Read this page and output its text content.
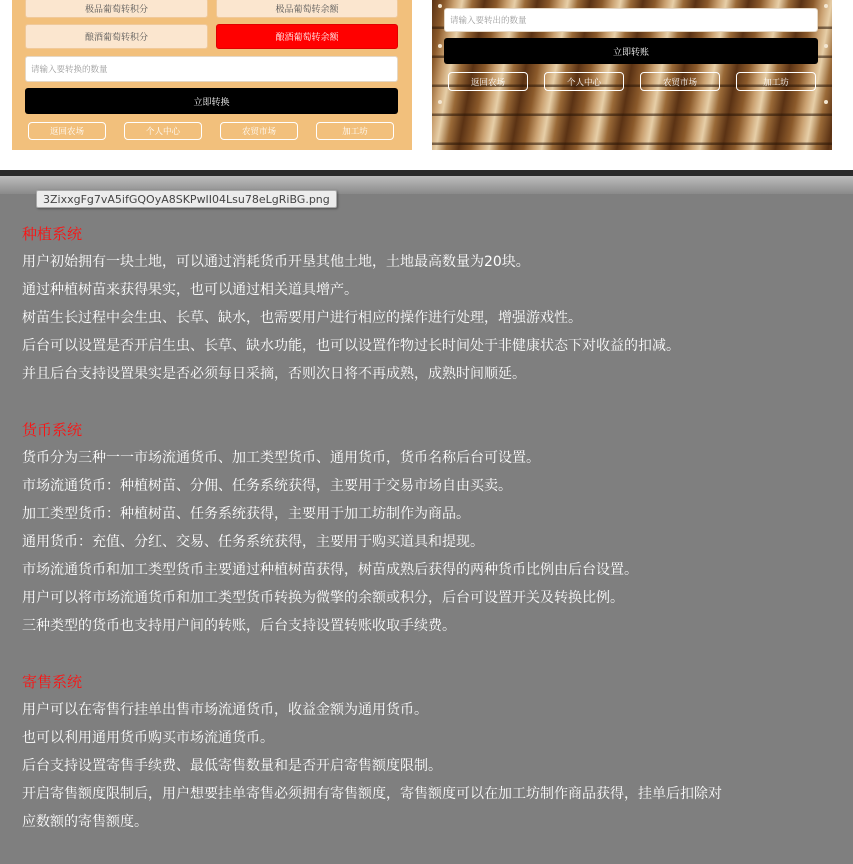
极品葡萄转积分	极品葡萄转余额
酿酒葡萄转积分	酿酒葡萄转余额
请输入要转换的数量
立即转换
返回农场	个人中心	农贸市场	加工坊
请输入要转出的数量
立即转账
返回农场	个人中心	农贸市场	加工坊
3ZixxgFg7vA5ifGQOyA8SKPwII04Lsu78eLgRiBG.png
种植系统

用户初始拥有一块土地，可以通过消耗货币开垦其他土地，土地最高数量为20块。

通过种植树苗来获得果实，也可以通过相关道具增产。

树苗生长过程中会生虫、长草、缺水，也需要用户进行相应的操作进行处理，增强游戏性。

后台可以设置是否开启生虫、长草、缺水功能，也可以设置作物过长时间处于非健康状态下对收益的扣减。

并且后台支持设置果实是否必须每日采摘，否则次日将不再成熟，成熟时间顺延。

货币系统

货币分为三种一一市场流通货币、加工类型货币、通用货币，货币名称后台可设置。

市场流通货币：种植树苗、分佣、任务系统获得，主要用于交易市场自由买卖。

加工类型货币：种植树苗、任务系统获得，主要用于加工坊制作为商品。

通用货币：充值、分红、交易、任务系统获得，主要用于购买道具和提现。

市场流通货币和加工类型货币主要通过种植树苗获得，树苗成熟后获得的两种货币比例由后台设置。

用户可以将市场流通货币和加工类型货币转换为微擎的余额或积分，后台可设置开关及转换比例。

三种类型的货币也支持用户间的转账，后台支持设置转账收取手续费。

寄售系统

用户可以在寄售行挂单出售市场流通货币，收益金额为通用货币。

也可以利用通用货币购买市场流通货币。

后台支持设置寄售手续费、最低寄售数量和是否开启寄售额度限制。

开启寄售额度限制后，用户想要挂单寄售必须拥有寄售额度，寄售额度可以在加工坊制作商品获得，挂单后扣除对

应数额的寄售额度。
